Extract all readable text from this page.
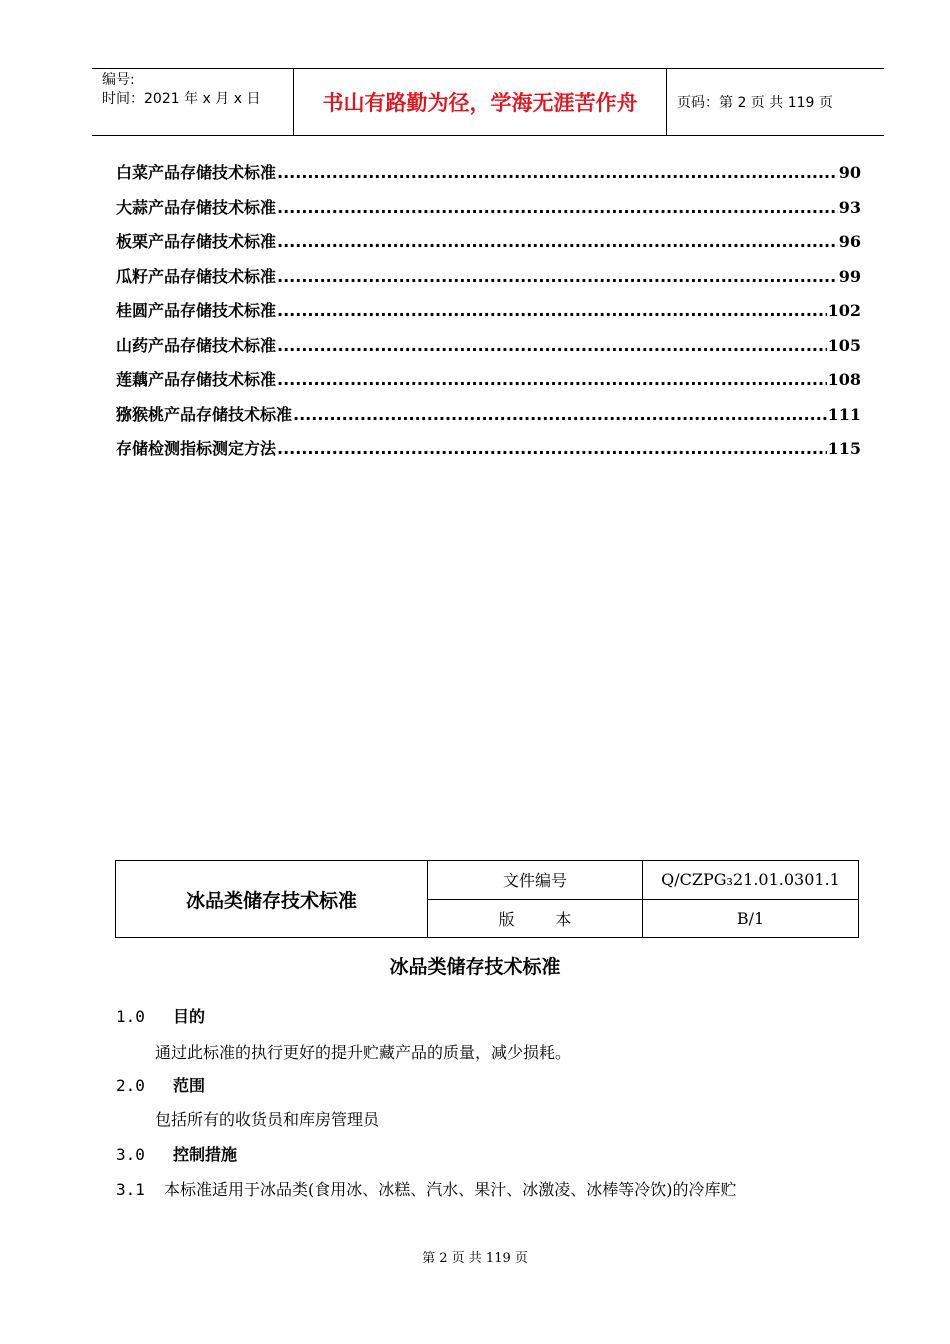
编号:
时间：2021 年 x 月 x 日	书山有路勤为径，学海无涯苦作舟	页码：第 2 页 共 119 页
白菜产品存储技术标准 .....	90
大蒜产品存储技术标准 .....	93
板栗产品存储技术标准 .....	96
瓜籽产品存储技术标准 .....	99
桂圆产品存储技术标准 .....	102
山药产品存储技术标准 .....	105
莲藕产品存储技术标准 .....	108
猕猴桃产品存储技术标准 .....	111
存储检测指标测定方法 .....	115
冰品类储存技术标准
文件编号	Q/CZPG₃21.01.0301.1
版        本	B/1
冰品类储存技术标准
1.0 目的
通过此标准的执行更好的提升贮藏产品的质量，减少损耗。
2.0 范围
包括所有的收货员和库房管理员
3.0 控制措施
3.1 本标准适用于冰品类(食用冰、冰糕、汽水、果汁、冰激凌、冰棒等冷饮)的冷库贮
第 2 页 共 119 页
